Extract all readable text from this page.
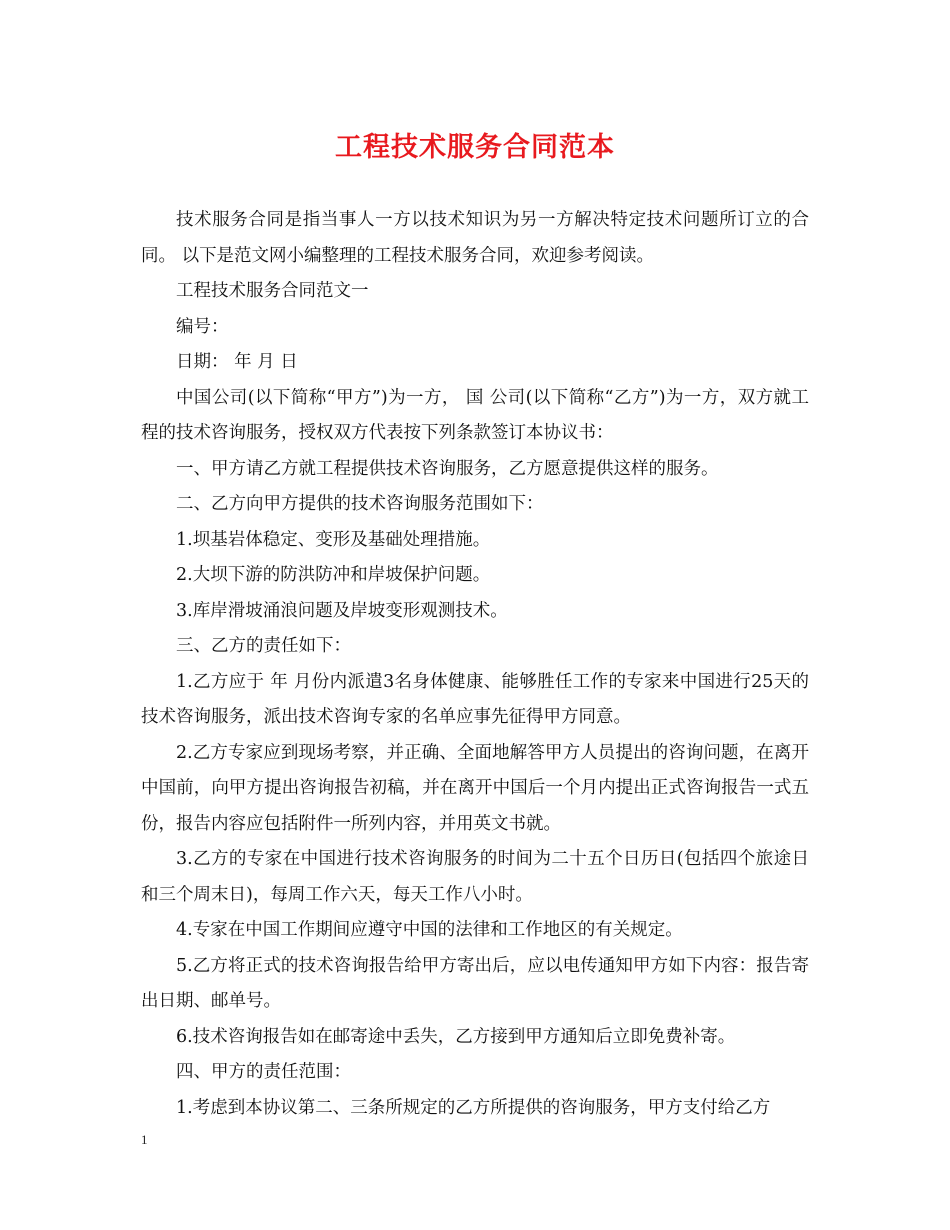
工程技术服务合同范本

技术服务合同是指当事人一方以技术知识为另一方解决特定技术问题所订立的合同。 以下是范文网小编整理的工程技术服务合同，欢迎参考阅读。

工程技术服务合同范文一

编号：

日期： 年 月 日

中国公司(以下简称“甲方”)为一方， 国 公司(以下简称“乙方”)为一方，双方就工程的技术咨询服务，授权双方代表按下列条款签订本协议书：

一、甲方请乙方就工程提供技术咨询服务，乙方愿意提供这样的服务。

二、乙方向甲方提供的技术咨询服务范围如下：

1.坝基岩体稳定、变形及基础处理措施。

2.大坝下游的防洪防冲和岸坡保护问题。

3.库岸滑坡涌浪问题及岸坡变形观测技术。

三、乙方的责任如下：

1.乙方应于 年 月份内派遣3名身体健康、能够胜任工作的专家来中国进行25天的技术咨询服务，派出技术咨询专家的名单应事先征得甲方同意。

2.乙方专家应到现场考察，并正确、全面地解答甲方人员提出的咨询问题，在离开中国前，向甲方提出咨询报告初稿，并在离开中国后一个月内提出正式咨询报告一式五份，报告内容应包括附件一所列内容，并用英文书就。

3.乙方的专家在中国进行技术咨询服务的时间为二十五个日历日(包括四个旅途日和三个周末日)，每周工作六天，每天工作八小时。

4.专家在中国工作期间应遵守中国的法律和工作地区的有关规定。

5.乙方将正式的技术咨询报告给甲方寄出后，应以电传通知甲方如下内容：报告寄出日期、邮单号。

6.技术咨询报告如在邮寄途中丢失，乙方接到甲方通知后立即免费补寄。

四、甲方的责任范围：

1.考虑到本协议第二、三条所规定的乙方所提供的咨询服务，甲方支付给乙方

1
